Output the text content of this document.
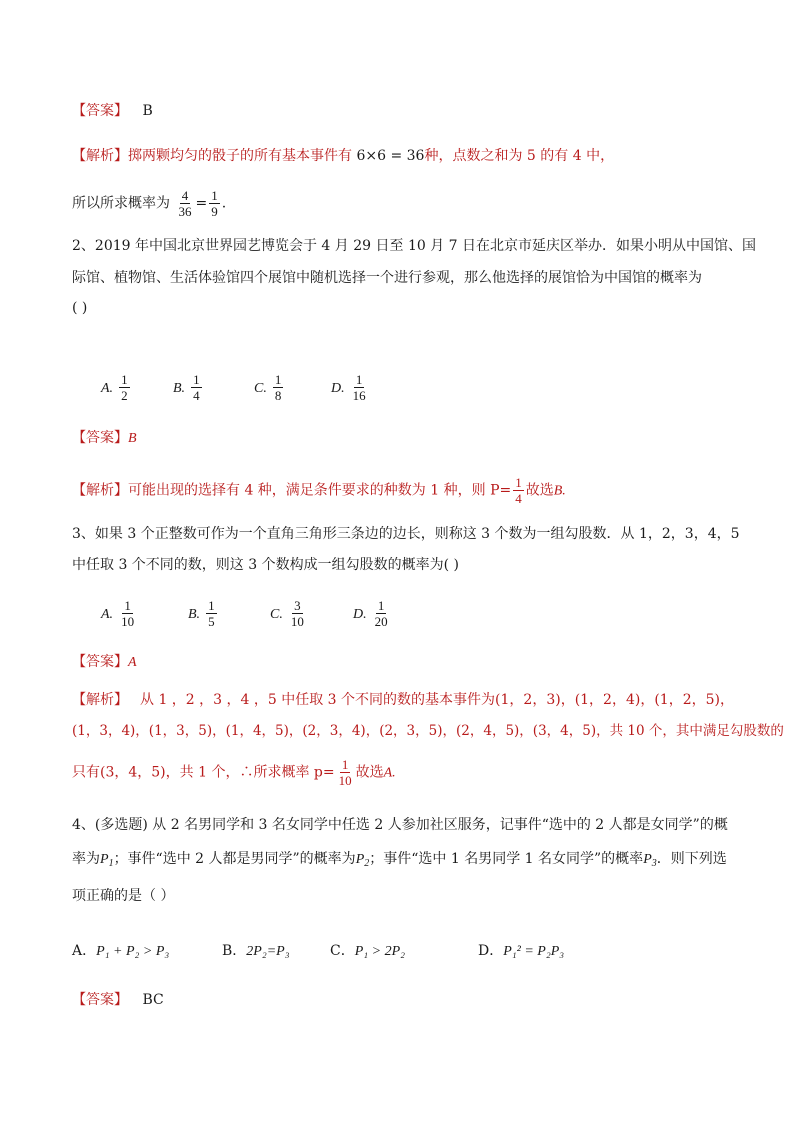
【答案】 B
【解析】掷两颗均匀的骰子的所有基本事件有 6×6 = 36种，点数之和为 5 的有 4 中，
所以所求概率为 $\frac{4}{36} = \frac{1}{9}$ .
2、2019 年中国北京世界园艺博览会于 4 月 29 日至 10 月 7 日在北京市延庆区举办．如果小明从中国馆、国
际馆、植物馆、生活体验馆四个展馆中随机选择一个进行参观，那么他选择的展馆恰为中国馆的概率为
( )
A. $\frac{1}{2}$	B. $\frac{1}{4}$	C. $\frac{1}{8}$	D. $\frac{1}{16}$
【答案】B
【解析】可能出现的选择有 4 种，满足条件要求的种数为 1 种，则 $P= \frac{1}{4}$ 故选B.
3、如果 3 个正整数可作为一个直角三角形三条边的边长，则称这 3 个数为一组勾股数．从 1，2，3，4，5
中任取 3 个不同的数，则这 3 个数构成一组勾股数的概率为( )
A. $\frac{1}{10}$	B. $\frac{1}{5}$	C. $\frac{3}{10}$	D. $\frac{1}{20}$
【答案】A
【解析】 从 1 ，2 ，3 ，4 ，5 中任取 3 个不同的数的基本事件为(1，2，3)，(1，2，4)，(1，2，5)，
(1，3，4)，(1，3，5)，(1，4，5)，(2，3，4)，(2，3，5)，(2，4，5)，(3，4，5)，共 10 个，其中满足勾股数的
只有(3，4，5)，共 1 个，∴所求概率 $p= \frac{1}{10}$ 故选A.
4、(多选题) 从 2 名男同学和 3 名女同学中任选 2 人参加社区服务，记事件“选中的 2 人都是女同学”的概
率为$P_1$；事件“选中 2 人都是男同学”的概率为$P_2$；事件“选中 1 名男同学 1 名女同学”的概率$P_3$．则下列选
项正确的是（ ）
A．P₁ + P₂ > P₃	B．2P₂=P₃	C．P₁ > 2P₂	D．P₁² = P₂P₃
【答案】 BC
